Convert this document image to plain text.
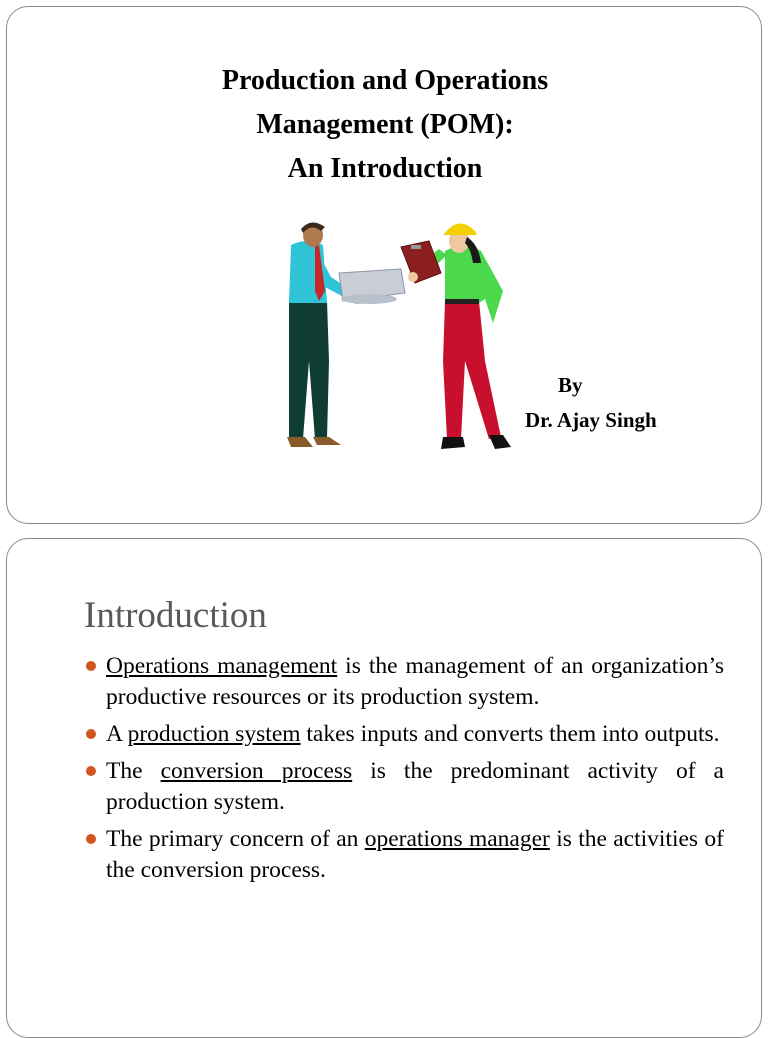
Production and Operations
Management (POM):
An Introduction
By
Dr. Ajay Singh
Introduction
Operations management is the management of an organization’s productive resources or its production system.
A production system takes inputs and converts them into outputs.
The conversion process is the predominant activity of a production system.
The primary concern of an operations manager is the activities of the conversion process.
